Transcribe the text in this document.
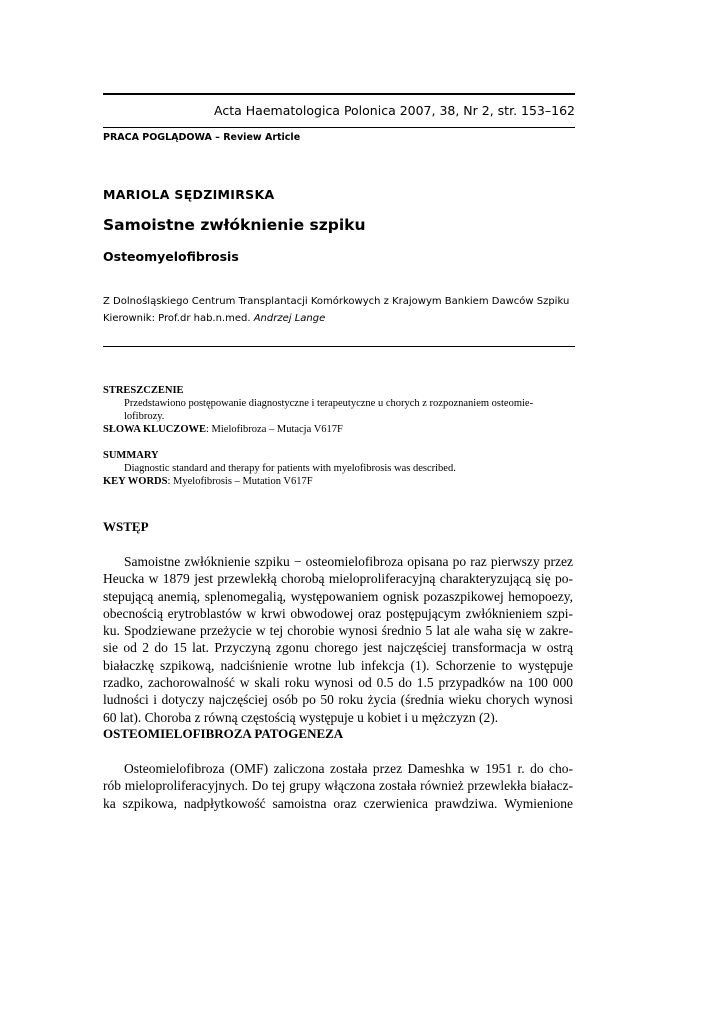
Acta Haematologica Polonica 2007, 38, Nr 2, str. 153–162
PRACA POGLĄDOWA – Review Article
MARIOLA SĘDZIMIRSKA
Samoistne zwłóknienie szpiku
Osteomyelofibrosis
Z Dolnośląskiego Centrum Transplantacji Komórkowych z Krajowym Bankiem Dawców Szpiku
Kierownik: Prof.dr hab.n.med. Andrzej Lange
STRESZCZENIE
Przedstawiono postępowanie diagnostyczne i terapeutyczne u chorych z rozpoznaniem osteomie-
lofibrozy.
SŁOWA KLUCZOWE: Mielofibroza – Mutacja V617F
SUMMARY
Diagnostic standard and therapy for patients with myelofibrosis was described.
KEY WORDS: Myelofibrosis – Mutation V617F
WSTĘP
Samoistne zwłóknienie szpiku − osteomielofibroza opisana po raz pierwszy przez
Heucka w 1879 jest przewlekłą chorobą mieloproliferacyjną charakteryzującą się po-
stepującą anemią, splenomegalią, występowaniem ognisk pozaszpikowej hemopoezy,
obecnością erytroblastów w krwi obwodowej oraz postępującym zwłóknieniem szpi-
ku. Spodziewane przeżycie w tej chorobie wynosi średnio 5 lat ale waha się w zakre-
sie od 2 do 15 lat. Przyczyną zgonu chorego jest najczęściej transformacja w ostrą
białaczkę szpikową, nadciśnienie wrotne lub infekcja (1). Schorzenie to występuje
rzadko, zachorowalność w skali roku wynosi od 0.5 do 1.5 przypadków na 100 000
ludności i dotyczy najczęściej osób po 50 roku życia (średnia wieku chorych wynosi
60 lat). Choroba z równą częstością występuje u kobiet i u mężczyzn (2).
OSTEOMIELOFIBROZA PATOGENEZA
Osteomielofibroza (OMF) zaliczona została przez Dameshka w 1951 r. do cho-
rób mieloproliferacyjnych. Do tej grupy włączona została również przewlekła białacz-
ka szpikowa, nadpłytkowość samoistna oraz czerwienica prawdziwa. Wymienione
